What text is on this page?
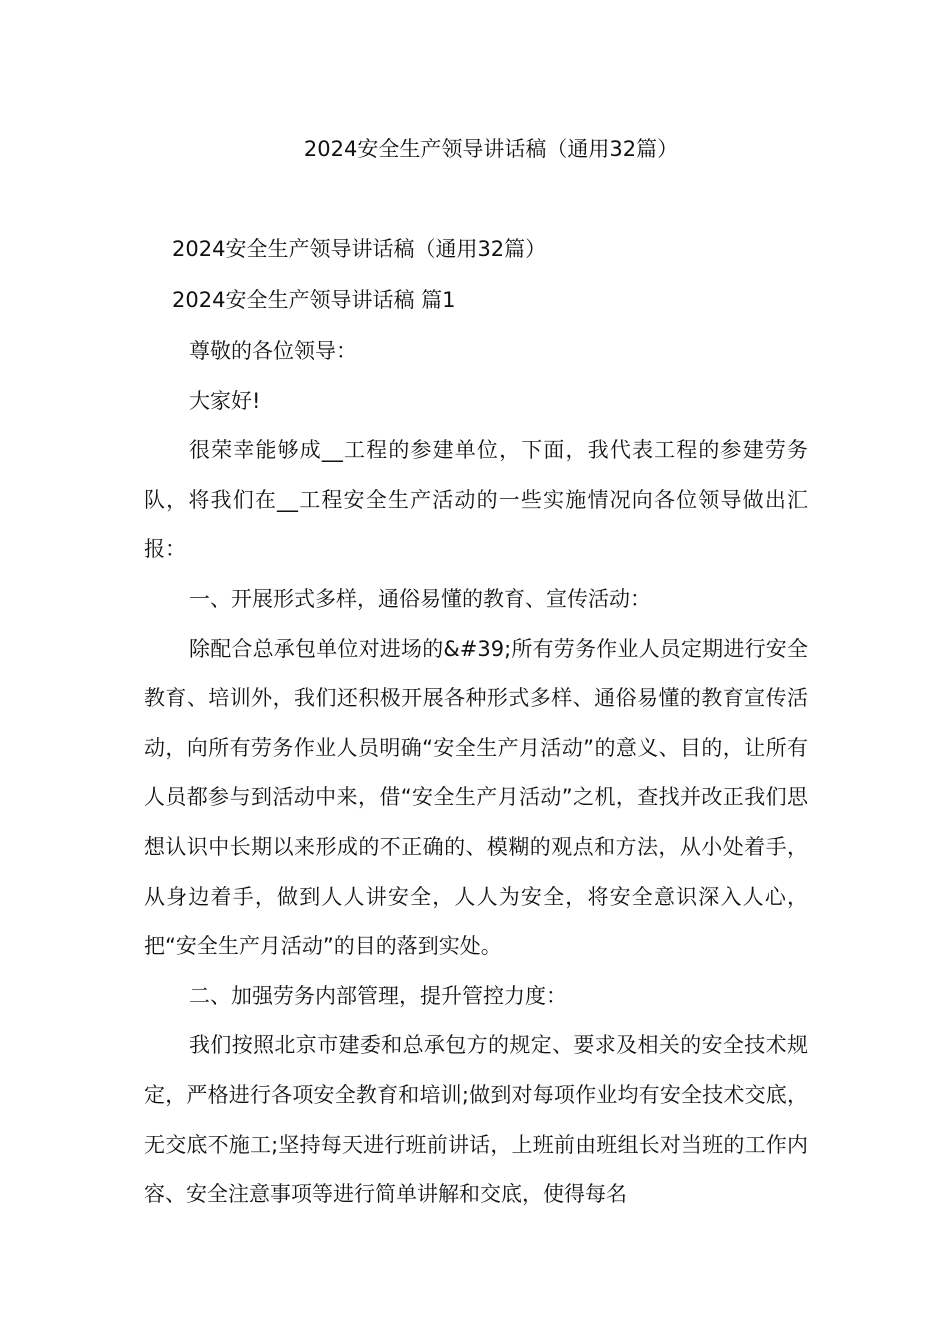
2024安全生产领导讲话稿（通用32篇）
2024安全生产领导讲话稿（通用32篇）
2024安全生产领导讲话稿 篇1

尊敬的各位领导：

大家好!

很荣幸能够成__工程的参建单位，下面，我代表工程的参建劳务队，将我们在__工程安全生产活动的一些实施情况向各位领导做出汇报：

一、开展形式多样，通俗易懂的教育、宣传活动：

除配合总承包单位对进场的&#39;所有劳务作业人员定期进行安全教育、培训外，我们还积极开展各种形式多样、通俗易懂的教育宣传活动，向所有劳务作业人员明确“安全生产月活动”的意义、目的，让所有人员都参与到活动中来，借“安全生产月活动”之机，查找并改正我们思想认识中长期以来形成的不正确的、模糊的观点和方法，从小处着手，从身边着手，做到人人讲安全，人人为安全，将安全意识深入人心，把“安全生产月活动”的目的落到实处。

二、加强劳务内部管理，提升管控力度：

我们按照北京市建委和总承包方的规定、要求及相关的安全技术规定，严格进行各项安全教育和培训;做到对每项作业均有安全技术交底，无交底不施工;坚持每天进行班前讲话，上班前由班组长对当班的工作内容、安全注意事项等进行简单讲解和交底，使得每名
